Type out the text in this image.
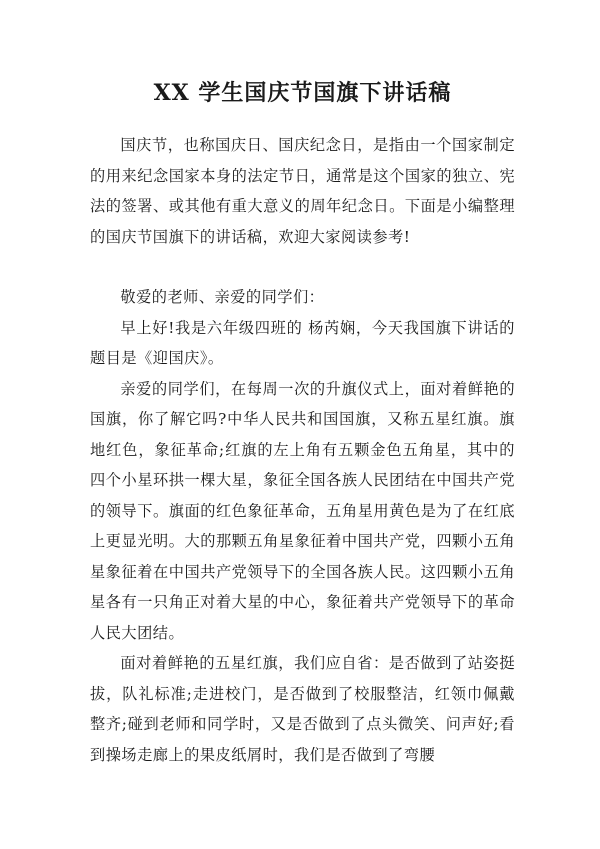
XX 学生国庆节国旗下讲话稿

国庆节，也称国庆日、国庆纪念日，是指由一个国家制定的用来纪念国家本身的法定节日，通常是这个国家的独立、宪法的签署、或其他有重大意义的周年纪念日。下面是小编整理的国庆节国旗下的讲话稿，欢迎大家阅读参考!

敬爱的老师、亲爱的同学们：

早上好!我是六年级四班的 杨芮娴，今天我国旗下讲话的题目是《迎国庆》。

亲爱的同学们，在每周一次的升旗仪式上，面对着鲜艳的国旗，你了解它吗?中华人民共和国国旗，又称五星红旗。旗地红色，象征革命;红旗的左上角有五颗金色五角星，其中的四个小星环拱一棵大星，象征全国各族人民团结在中国共产党的领导下。旗面的红色象征革命，五角星用黄色是为了在红底上更显光明。大的那颗五角星象征着中国共产党，四颗小五角星象征着在中国共产党领导下的全国各族人民。这四颗小五角星各有一只角正对着大星的中心，象征着共产党领导下的革命人民大团结。

面对着鲜艳的五星红旗，我们应自省：是否做到了站姿挺拔，队礼标准;走进校门，是否做到了校服整洁，红领巾佩戴整齐;碰到老师和同学时，又是否做到了点头微笑、问声好;看到操场走廊上的果皮纸屑时，我们是否做到了弯腰
